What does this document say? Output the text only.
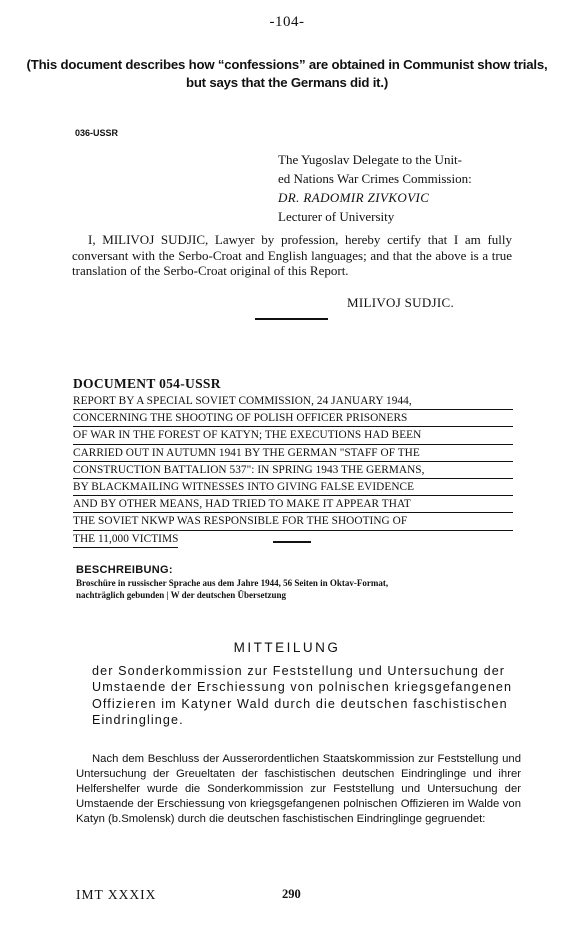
-104-
(This document describes how “confessions” are obtained in Communist show trials, but says that the Germans did it.)
036-USSR
The Yugoslav Delegate to the Unit-
ed Nations War Crimes Commission:
DR. RADOMIR ZIVKOVIC
Lecturer of University

I, MILIVOJ SUDJIC, Lawyer by profession, hereby certify that I am fully conversant with the Serbo-Croat and English languages; and that the above is a true translation of the Serbo-Croat original of this Report.

MILIVOJ SUDJIC.
DOCUMENT 054-USSR
REPORT BY A SPECIAL SOVIET COMMISSION, 24 JANUARY 1944,
CONCERNING THE SHOOTING OF POLISH OFFICER PRISONERS
OF WAR IN THE FOREST OF KATYN; THE EXECUTIONS HAD BEEN
CARRIED OUT IN AUTUMN 1941 BY THE GERMAN "STAFF OF THE
CONSTRUCTION BATTALION 537": IN SPRING 1943 THE GERMANS,
BY BLACKMAILING WITNESSES INTO GIVING FALSE EVIDENCE
AND BY OTHER MEANS, HAD TRIED TO MAKE IT APPEAR THAT
THE SOVIET NKWP WAS RESPONSIBLE FOR THE SHOOTING OF
THE 11,000 VICTIMS
BESCHREIBUNG:
Broschüre in russischer Sprache aus dem Jahre 1944, 56 Seiten in Oktav-Format,
nachträglich gebunden | W der deutschen Übersetzung
MITTEILUNG
der Sonderkommission zur Feststellung und Untersuchung der Umstaende der Erschiessung von polnischen kriegsgefangenen Offizieren im Katyner Wald durch die deutschen faschistischen Eindringlinge.

Nach dem Beschluss der Ausserordentlichen Staatskommission zur Feststellung und Untersuchung der Greueltaten der faschistischen deutschen Eindringlinge und ihrer Helfershelfer wurde die Sonderkommission zur Feststellung und Untersuchung der Umstaende der Erschiessung von kriegsgefangenen polnischen Offizieren im Walde von Katyn (b.Smolensk) durch die deutschen faschistischen Eindringlinge gegruendet:

IMT XXXIX	290
